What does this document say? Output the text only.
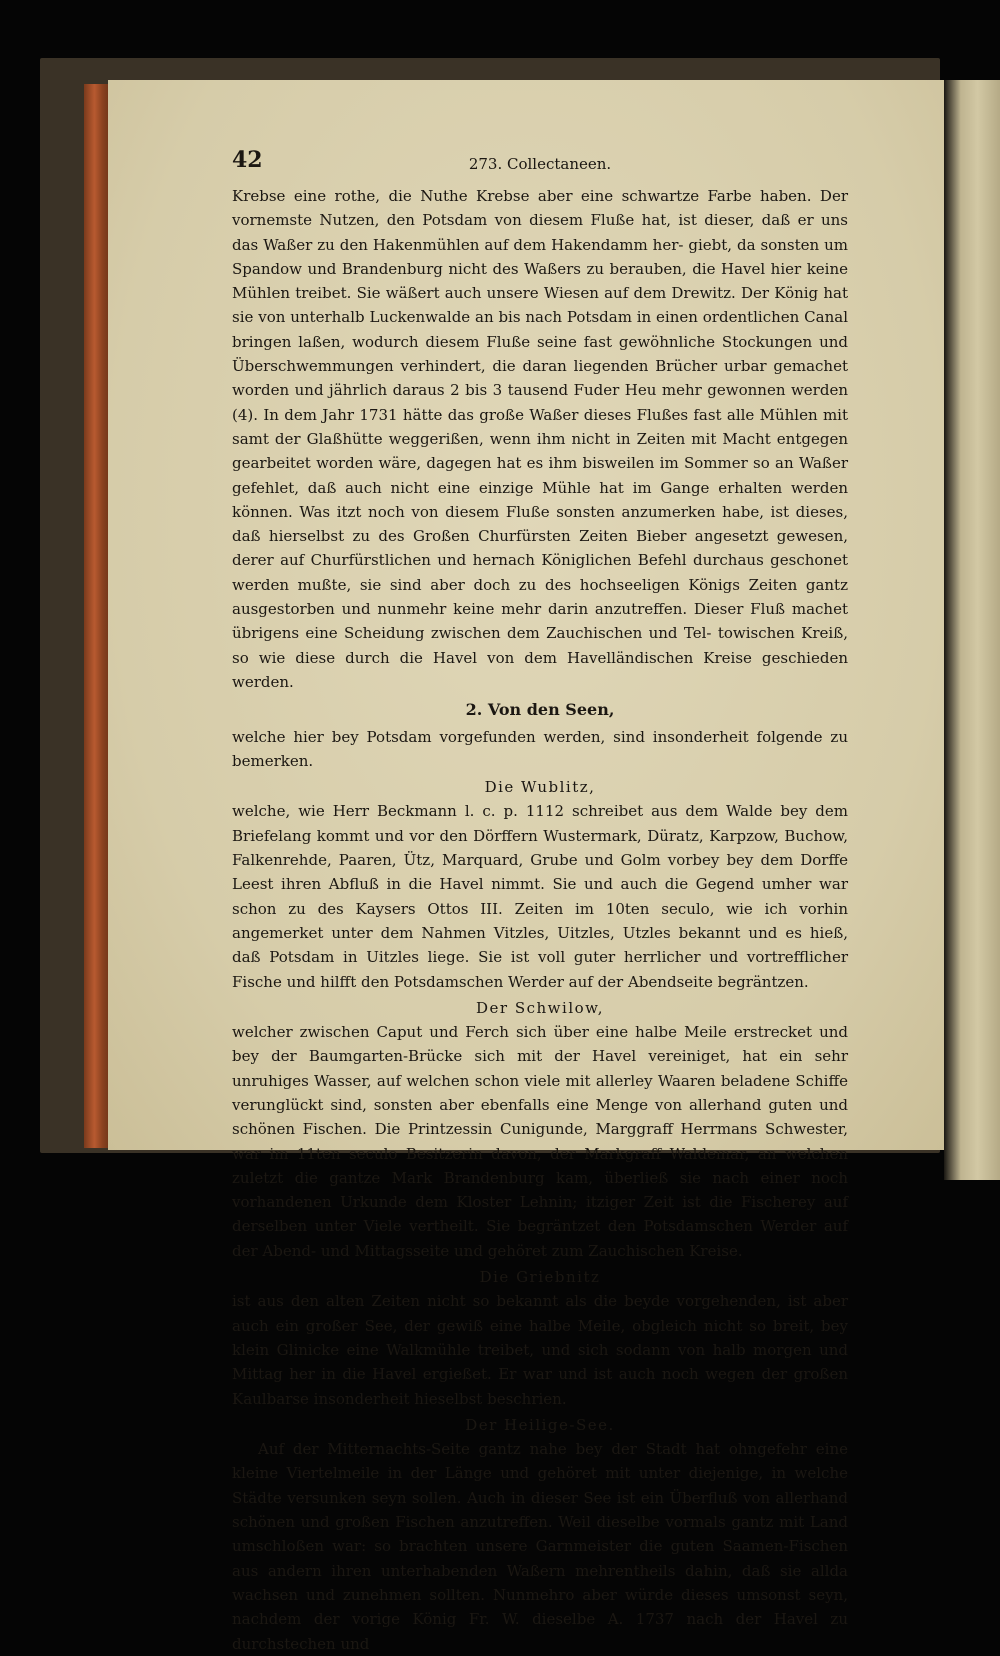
42	273. Collectaneen.

Krebse eine rothe, die Nuthe Krebse aber eine schwartze Farbe haben. Der vornemste Nutzen, den Potsdam von diesem Fluße hat, ist dieser, daß er uns das Waßer zu den Hakenmühlen auf dem Hakendamm her- giebt, da sonsten um Spandow und Brandenburg nicht des Waßers zu berauben, die Havel hier keine Mühlen treibet. Sie wäßert auch unsere Wiesen auf dem Drewitz. Der König hat sie von unterhalb Luckenwalde an bis nach Potsdam in einen ordentlichen Canal bringen laßen, wodurch diesem Fluße seine fast gewöhnliche Stockungen und Überschwemmungen verhindert, die daran liegenden Brücher urbar gemachet worden und jährlich daraus 2 bis 3 tausend Fuder Heu mehr gewonnen werden (4). In dem Jahr 1731 hätte das große Waßer dieses Flußes fast alle Mühlen mit samt der Glaßhütte weggerißen, wenn ihm nicht in Zeiten mit Macht entgegen gearbeitet worden wäre, dagegen hat es ihm bisweilen im Sommer so an Waßer gefehlet, daß auch nicht eine einzige Mühle hat im Gange erhalten werden können. Was itzt noch von diesem Fluße sonsten anzumerken habe, ist dieses, daß hierselbst zu des Großen Churfürsten Zeiten Bieber angesetzt gewesen, derer auf Churfürstlichen und hernach Königlichen Befehl durchaus geschonet werden mußte, sie sind aber doch zu des hochseeligen Königs Zeiten gantz ausgestorben und nunmehr keine mehr darin anzutreffen. Dieser Fluß machet übrigens eine Scheidung zwischen dem Zauchischen und Tel- towischen Kreiß, so wie diese durch die Havel von dem Havelländischen Kreise geschieden werden.

2. Von den Seen,

welche hier bey Potsdam vorgefunden werden, sind insonderheit folgende zu bemerken.

Die Wublitz,

welche, wie Herr Beckmann l. c. p. 1112 schreibet aus dem Walde bey dem Briefelang kommt und vor den Dörffern Wustermark, Düratz, Karpzow, Buchow, Falkenrehde, Paaren, Ütz, Marquard, Grube und Golm vorbey bey dem Dorffe Leest ihren Abfluß in die Havel nimmt. Sie und auch die Gegend umher war schon zu des Kaysers Ottos III. Zeiten im 10ten seculo, wie ich vorhin angemerket unter dem Nahmen Vitzles, Uitzles, Utzles bekannt und es hieß, daß Potsdam in Uitzles liege. Sie ist voll guter herrlicher und vortrefflicher Fische und hilfft den Potsdamschen Werder auf der Abendseite begräntzen.

Der Schwilow,

welcher zwischen Caput und Ferch sich über eine halbe Meile erstrecket und bey der Baumgarten-Brücke sich mit der Havel vereiniget, hat ein sehr unruhiges Wasser, auf welchen schon viele mit allerley Waaren beladene Schiffe verunglückt sind, sonsten aber ebenfalls eine Menge von allerhand guten und schönen Fischen. Die Printzessin Cunigunde, Marggraff Herrmans Schwester, war im 11ten seculo Besitzerin davon, der Markgraff Waldemar, an welchen zuletzt die gantze Mark Brandenburg kam, überließ sie nach einer noch vorhandenen Urkunde dem Kloster Lehnin; itziger Zeit ist die Fischerey auf derselben unter Viele vertheilt. Sie begräntzet den Potsdamschen Werder auf der Abend- und Mittagsseite und gehöret zum Zauchischen Kreise.

Die Griebnitz

ist aus den alten Zeiten nicht so bekannt als die beyde vorgehenden, ist aber auch ein großer See, der gewiß eine halbe Meile, obgleich nicht so breit, bey klein Glinicke eine Walkmühle treibet, und sich sodann von halb morgen und Mittag her in die Havel ergießet. Er war und ist auch noch wegen der großen Kaulbarse insonderheit hieselbst beschrien.

Der Heilige-See.

Auf der Mitternachts-Seite gantz nahe bey der Stadt hat ohngefehr eine kleine Viertelmeile in der Länge und gehöret mit unter diejenige, in welche Städte versunken seyn sollen. Auch in dieser See ist ein Überfluß von allerhand schönen und großen Fischen anzutreffen. Weil dieselbe vormals gantz mit Land umschloßen war: so brachten unsere Garnmeister die guten Saamen-Fischen aus andern ihren unterhabenden Waßern mehrentheils dahin, daß sie allda wachsen und zunehmen sollten. Nunmehro aber würde dieses umsonst seyn, nachdem der vorige König Fr. W. dieselbe A. 1737 nach der Havel zu durchstechen und
